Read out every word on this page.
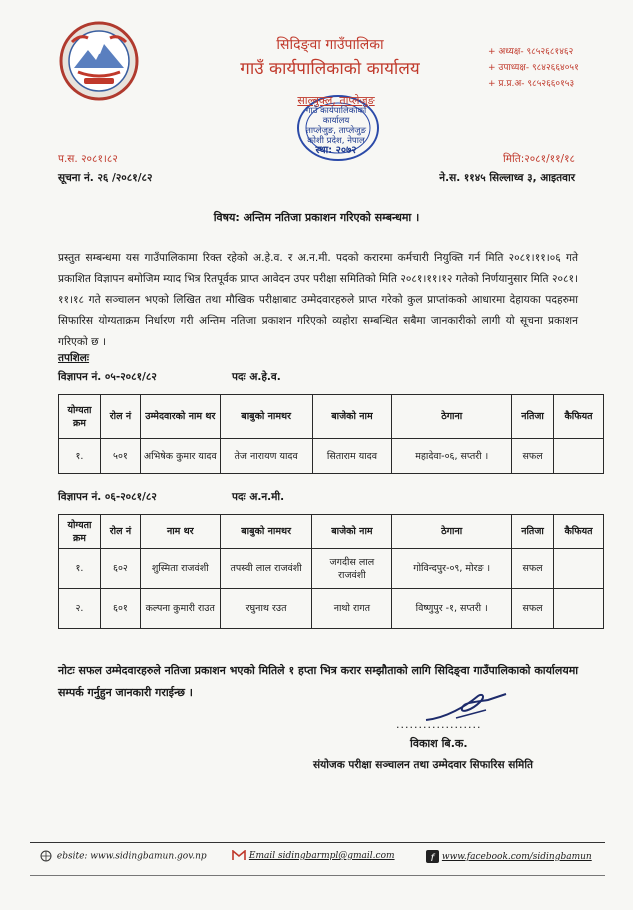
सिदिङ्वा गाउँपालिका
गाउँ कार्यपालिकाको कार्यालय
+ अध्यक्ष- ९८५२६८१४६२
+ उपाध्यक्ष- ९८४२६६४०५१
+ प्र.प्र.अ- ९८५२६६०१५३
साल्बुक्ल, ताप्लेजुङ
गाउँ कार्यपालिकाको
कार्यालय
ताप्लेजुङ, ताप्लेजुङ
कोशी प्रदेश, नेपाल
स्था: २०७२
प.स. २०८१।८२
सूचना नं. २६ /२०८१/८२
मिति:२०८१/११/१८
ने.स. ११४५ सिल्लाध्व ३, आइतवार
विषय: अन्तिम नतिजा प्रकाशन गरिएको सम्बन्धमा ।
प्रस्तुत सम्बन्धमा यस गाउँपालिकामा रिक्त रहेको अ.हे.व. र अ.न.मी. पदको करारमा कर्मचारी नियुक्ति गर्न मिति २०८१।११।०६ गते प्रकाशित विज्ञापन बमोजिम म्याद भित्र रितपूर्वक प्राप्त आवेदन उपर परीक्षा समितिको मिति २०८१।११।१२ गतेको निर्णयानुसार मिति २०८१।११।१८ गते सञ्चालन भएको लिखित तथा मौखिक परीक्षाबाट उम्मेदवारहरुले प्राप्त गरेको कुल प्राप्तांकको आधारमा देहायका पदहरुमा सिफारिस योग्यताक्रम निर्धारण गरी अन्तिम नतिजा प्रकाशन गरिएको व्यहोरा सम्बन्धित सबैमा जानकारीको लागी यो सूचना प्रकाशन गरिएको छ ।
तपशिलः
विज्ञापन नं. ०५-२०८१/८२	पदः अ.हे.व.
योग्यता क्रम	रोल नं	उम्मेदवारको नाम थर	बाबुको नामथर	बाजेको नाम	ठेगाना	नतिजा	कैफियत
१.	५०१	अभिषेक कुमार यादव	तेज नारायण यादव	सिताराम यादव	महादेवा-०६, सप्तरी ।	सफल	
विज्ञापन नं. ०६-२०८१/८२	पदः अ.न.मी.
योग्यता क्रम	रोल नं	नाम थर	बाबुको नामथर	बाजेको नाम	ठेगाना	नतिजा	कैफियत
१.	६०२	शुस्मिता राजवंशी	तपस्वी लाल राजवंशी	जगदीस लाल राजवंशी	गोविन्दपुर-०९, मोरङ ।	सफल	
२.	६०१	कल्पना कुमारी राउत	रघुनाथ रउत	नाथो रागत	विष्णुपुर -१, सप्तरी ।	सफल	
नोटः सफल उम्मेदवारहरुले नतिजा प्रकाशन भएको मितिले १ हप्ता भित्र करार सम्झौताको लागि सिदिङ्वा गाउँपालिकाको कार्यालयमा सम्पर्क गर्नुहुन जानकारी गराईन्छ ।
...................
विकाश बि.क.
संयोजक परीक्षा सञ्चालन तथा उम्मेदवार सिफारिस समिति
ebsite: www.sidingbamun.gov.np	Email sidingbarmpl@gmail.com	f www.facebook.com/sidingbamun
